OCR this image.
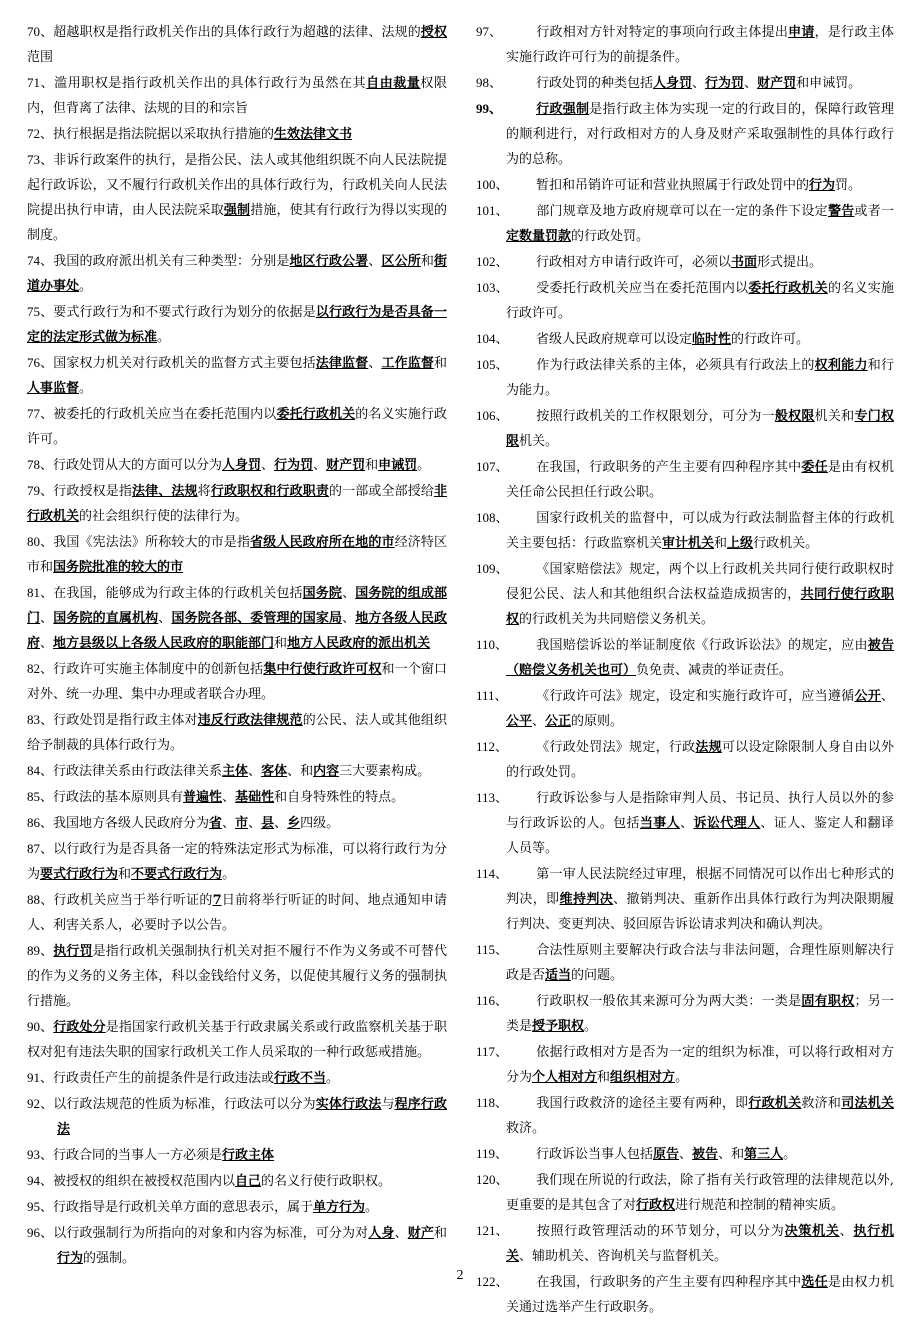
70、超越职权是指行政机关作出的具体行政行为超越的法律、法规的授权范围

71、滥用职权是指行政机关作出的具体行政行为虽然在其自由裁量权限内，但背离了法律、法规的目的和宗旨

72、执行根据是指法院据以采取执行措施的生效法律文书

73、非诉行政案件的执行，是指公民、法人或其他组织既不向人民法院提起行政诉讼，又不履行行政机关作出的具体行政行为，行政机关向人民法院提出执行申请，由人民法院采取强制措施，使其有行政行为得以实现的制度。

74、我国的政府派出机关有三种类型：分别是地区行政公署、区公所和街道办事处。

75、要式行政行为和不要式行政行为划分的依据是以行政行为是否具备一定的法定形式做为标准。

76、国家权力机关对行政机关的监督方式主要包括法律监督、工作监督和人事监督。

77、被委托的行政机关应当在委托范围内以委托行政机关的名义实施行政许可。

78、行政处罚从大的方面可以分为人身罚、行为罚、财产罚和申诫罚。

79、行政授权是指法律、法规将行政职权和行政职责的一部或全部授给非行政机关的社会组织行使的法律行为。

80、我国《宪法法》所称较大的市是指省级人民政府所在地的市经济特区市和国务院批准的较大的市

81、在我国，能够成为行政主体的行政机关包括国务院、国务院的组成部门、国务院的直属机构、国务院各部、委管理的国家局、地方各级人民政府、地方县级以上各级人民政府的职能部门和地方人民政府的派出机关

82、行政许可实施主体制度中的创新包括集中行使行政许可权和一个窗口对外、统一办理、集中办理或者联合办理。

83、行政处罚是指行政主体对违反行政法律规范的公民、法人或其他组织给予制裁的具体行政行为。

84、行政法律关系由行政法律关系主体、客体、和内容三大要素构成。

85、行政法的基本原则具有普遍性、基础性和自身特殊性的特点。

86、我国地方各级人民政府分为省、市、县、乡四级。

87、以行政行为是否具备一定的特殊法定形式为标准，可以将行政行为分为要式行政行为和不要式行政行为。

88、行政机关应当于举行听证的7日前将举行听证的时间、地点通知申请人、利害关系人，必要时予以公告。

89、执行罚是指行政机关强制执行机关对拒不履行不作为义务或不可替代的作为义务的义务主体，科以金钱给付义务，以促使其履行义务的强制执行措施。

90、行政处分是指国家行政机关基于行政隶属关系或行政监察机关基于职权对犯有违法失职的国家行政机关工作人员采取的一种行政惩戒措施。

91、行政责任产生的前提条件是行政违法或行政不当。

92、以行政法规范的性质为标准，行政法可以分为实体行政法与程序行政法

93、行政合同的当事人一方必须是行政主体

94、被授权的组织在被授权范围内以自己的名义行使行政职权。

95、行政指导是行政机关单方面的意思表示，属于单方行为。

96、以行政强制行为所指向的对象和内容为标准，可分为对人身、财产和行为的强制。

97、	行政相对方针对特定的事项向行政主体提出申请，是行政主体实施行政许可行为的前提条件。

98、	行政处罚的种类包括人身罚、行为罚、财产罚和申诫罚。

99、	行政强制是指行政主体为实现一定的行政目的，保障行政管理的顺利进行，对行政相对方的人身及财产采取强制性的具体行政行为的总称。

100、 暂扣和吊销许可证和营业执照属于行政处罚中的行为罚。

101、 部门规章及地方政府规章可以在一定的条件下设定警告或者一定数量罚款的行政处罚。

102、 行政相对方申请行政许可，必须以书面形式提出。

103、 受委托行政机关应当在委托范围内以委托行政机关的名义实施行政许可。

104、 省级人民政府规章可以设定临时性的行政许可。

105、 作为行政法律关系的主体，必须具有行政法上的权利能力和行为能力。

106、 按照行政机关的工作权限划分，可分为一般权限机关和专门权限机关。

107、 在我国，行政职务的产生主要有四种程序其中委任是由有权机关任命公民担任行政公职。

108、 国家行政机关的监督中，可以成为行政法制监督主体的行政机关主要包括：行政监察机关审计机关和上级行政机关。

109、 《国家赔偿法》规定，两个以上行政机关共同行使行政职权时侵犯公民、法人和其他组织合法权益造成损害的，共同行使行政职权的行政机关为共同赔偿义务机关。

110、 我国赔偿诉讼的举证制度依《行政诉讼法》的规定，应由被告（赔偿义务机关也可）负免责、减责的举证责任。

111、 《行政许可法》规定，设定和实施行政许可，应当遵循公开、公平、公正的原则。

112、 《行政处罚法》规定，行政法规可以设定除限制人身自由以外的行政处罚。

113、 行政诉讼参与人是指除审判人员、书记员、执行人员以外的参与行政诉讼的人。包括当事人、诉讼代理人、证人、鉴定人和翻译人员等。

114、 第一审人民法院经过审理，根据不同情况可以作出七种形式的判决，即维持判决、撤销判决、重新作出具体行政行为判决限期履行判决、变更判决、驳回原告诉讼请求判决和确认判决。

115、 合法性原则主要解决行政合法与非法问题，合理性原则解决行政是否适当的问题。

116、 行政职权一般依其来源可分为两大类：一类是固有职权；另一类是授予职权。

117、 依据行政相对方是否为一定的组织为标准，可以将行政相对方分为个人相对方和组织相对方。

118、 我国行政救济的途径主要有两种，即行政机关救济和司法机关救济。

119、 行政诉讼当事人包括原告、被告、和第三人。

120、 我们现在所说的行政法，除了指有关行政管理的法律规范以外,更重要的是其包含了对行政权进行规范和控制的精神实质。

121、 按照行政管理活动的环节划分，可以分为决策机关、执行机关、辅助机关、咨询机关与监督机关。

122、 在我国，行政职务的产生主要有四种程序其中选任是由权力机关通过选举产生行政职务。

2
